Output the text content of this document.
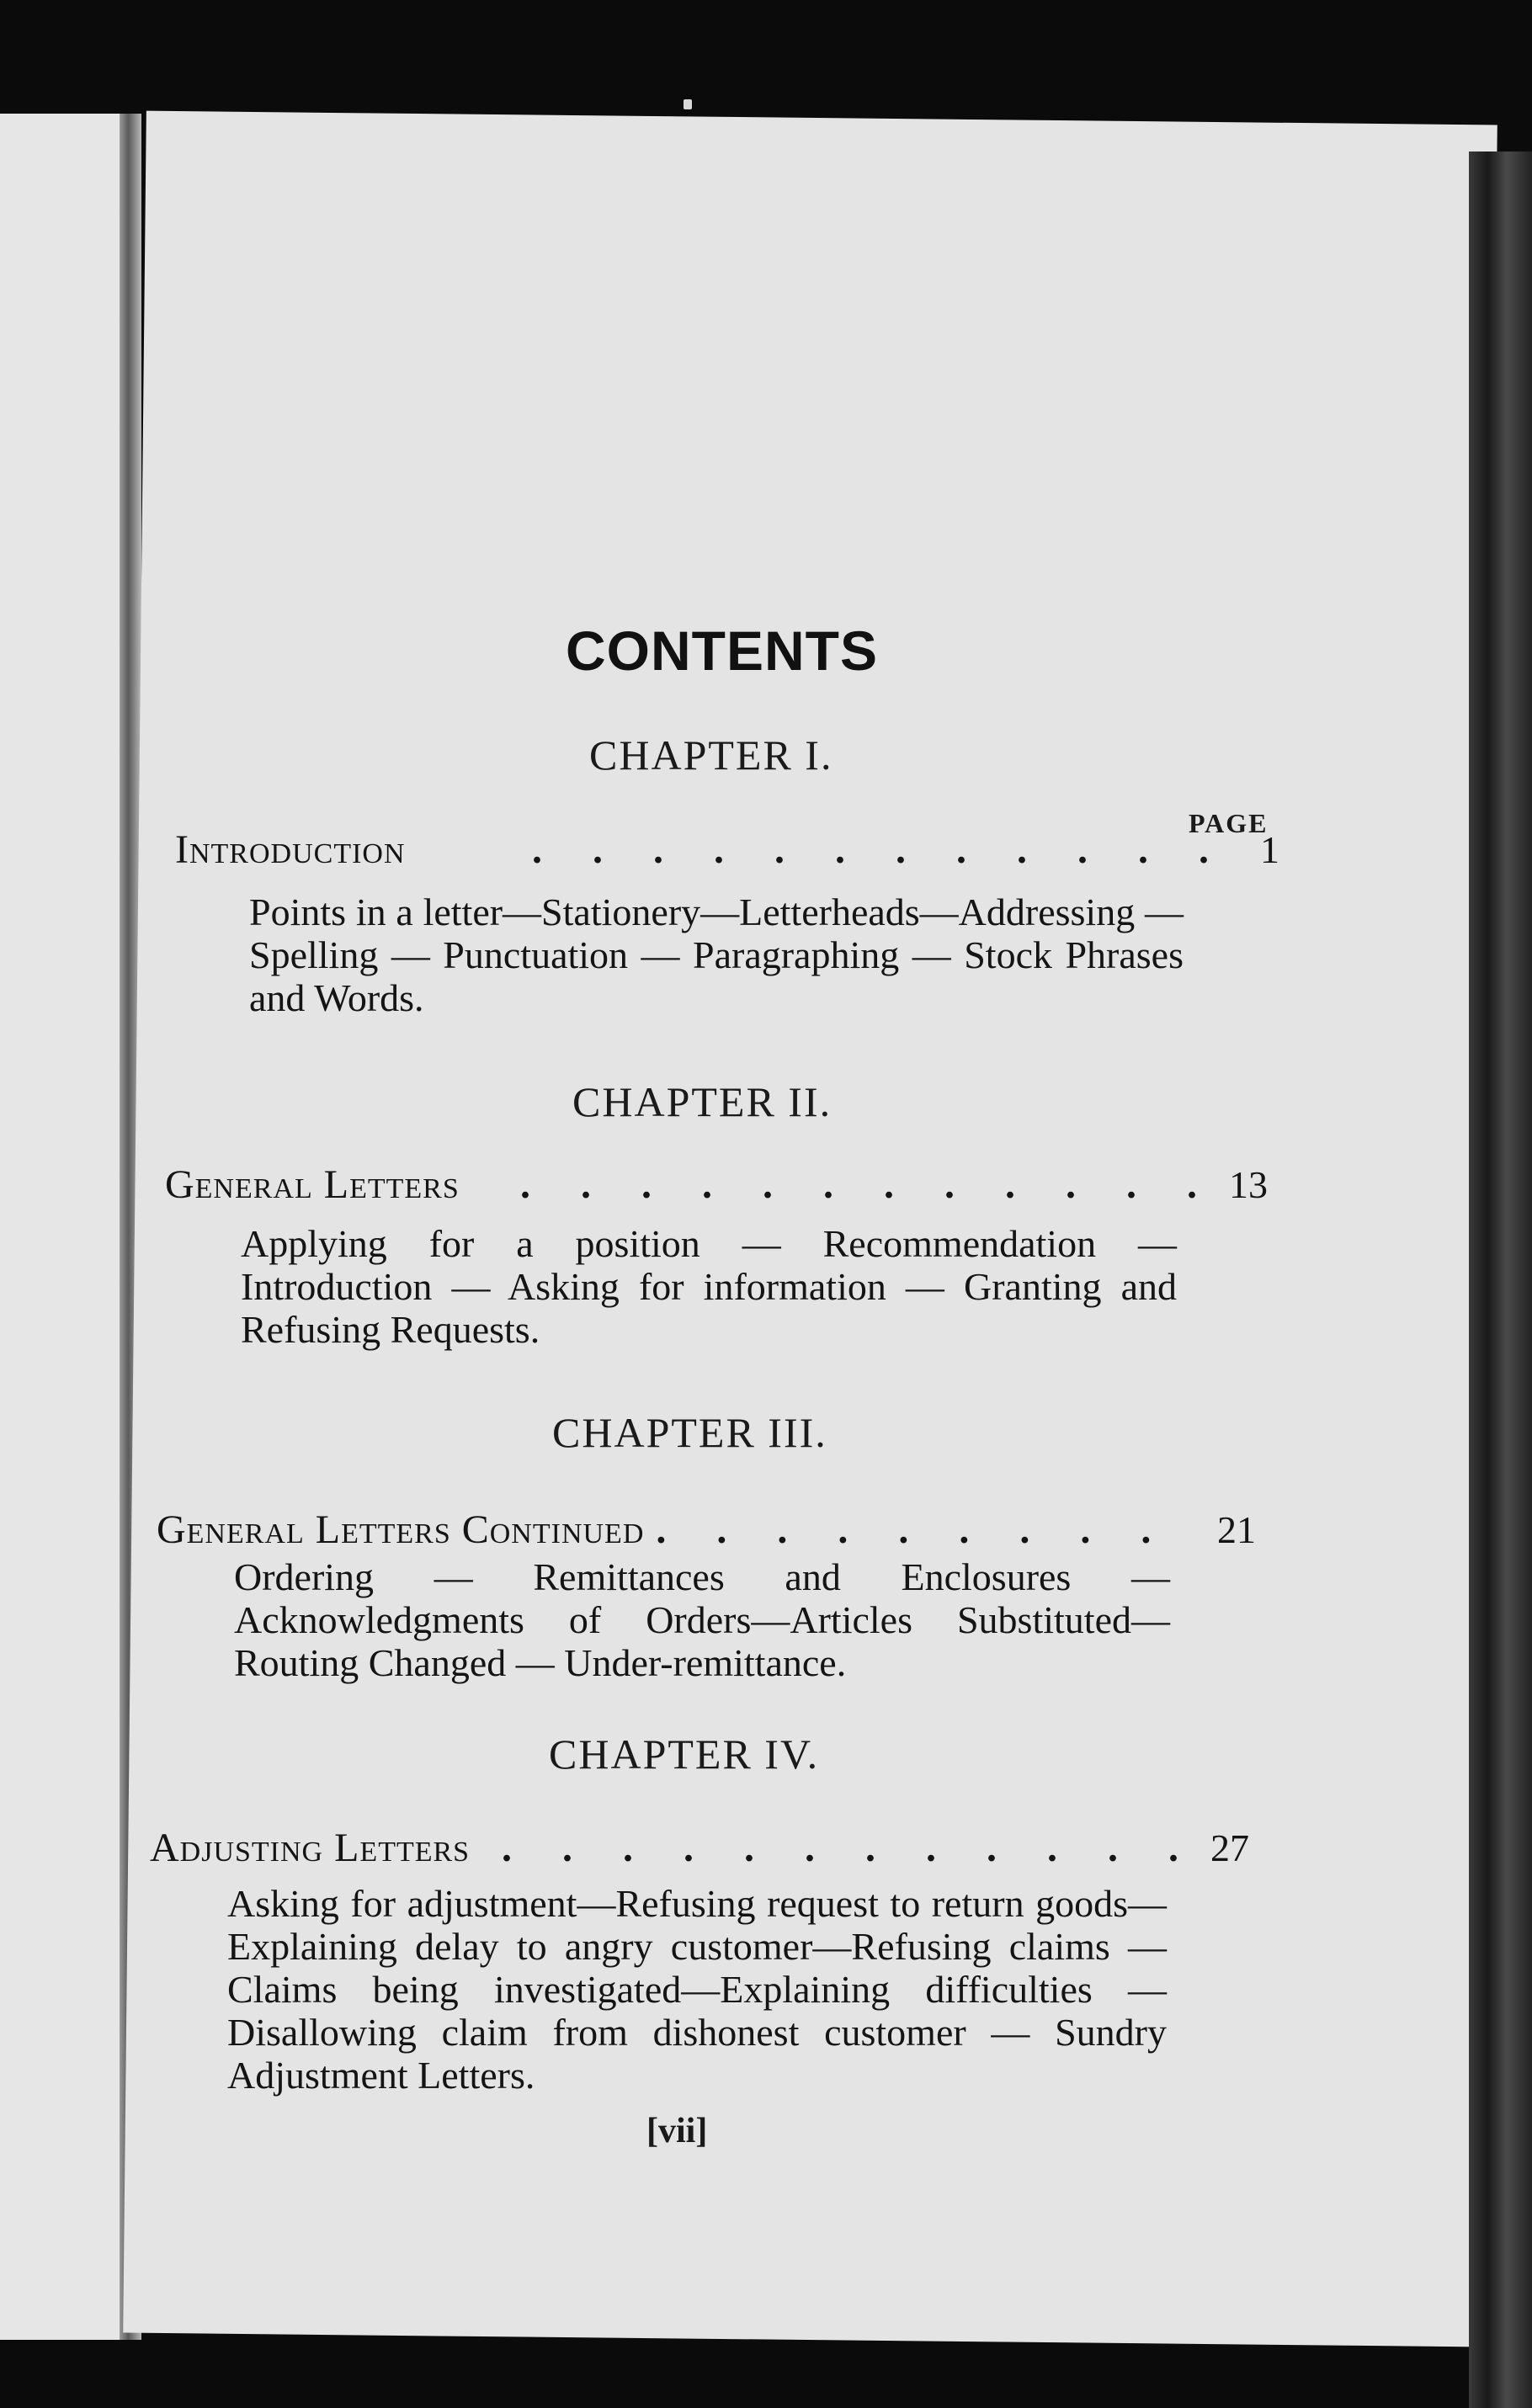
CONTENTS
CHAPTER I.
PAGE
Introduction .	1
Points in a letter—Stationery—Letterheads—Addressing — Spelling — Punctuation — Paragraphing — Stock Phrases and Words.
CHAPTER II.
General Letters .	13
Applying for a position — Recommendation — Introduction — Asking for information — Granting and Refusing Requests.
CHAPTER III.
General Letters Continued .	21
Ordering — Remittances and Enclosures — Acknowledgments of Orders—Articles Substituted—Routing Changed — Under-remittance.
CHAPTER IV.
Adjusting Letters .	27
Asking for adjustment—Refusing request to return goods—Explaining delay to angry customer—Refusing claims — Claims being investigated—Explaining difficulties — Disallowing claim from dishonest customer — Sundry Adjustment Letters.
[vii]
